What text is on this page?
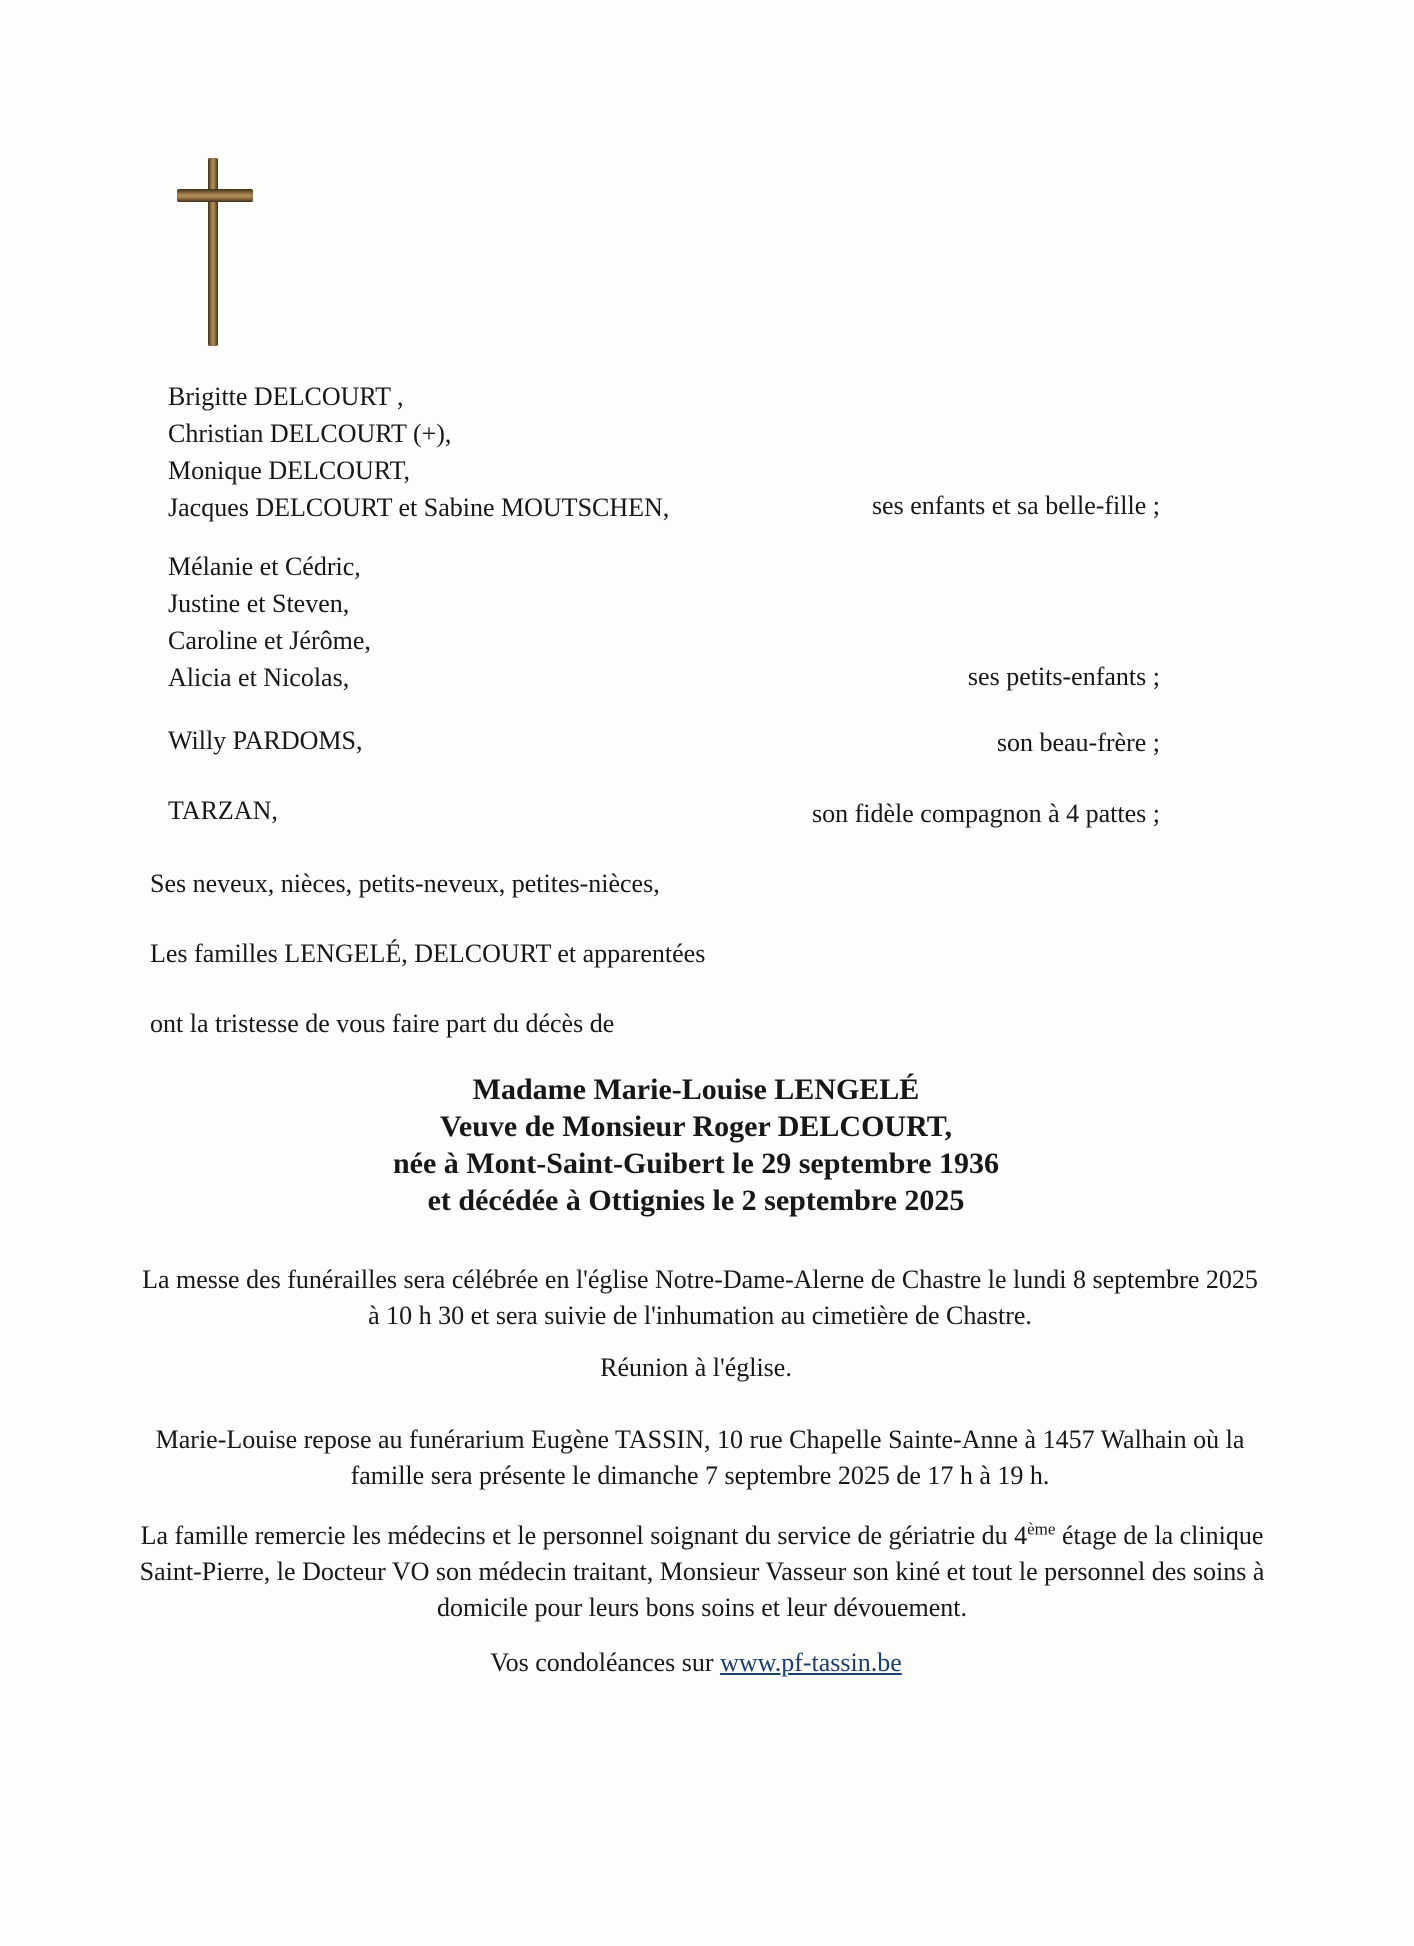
Brigitte DELCOURT ,
Christian DELCOURT (+),
Monique DELCOURT,
Jacques DELCOURT et Sabine MOUTSCHEN,	ses enfants et sa belle-fille ;
Mélanie et Cédric,
Justine et Steven,
Caroline et Jérôme,
Alicia et Nicolas,	ses petits-enfants ;
Willy PARDOMS,	son beau-frère ;
TARZAN,	son fidèle compagnon à 4 pattes ;
Ses neveux, nièces, petits-neveux, petites-nièces,
Les familles LENGELÉ, DELCOURT et apparentées
ont la tristesse de vous faire part du décès de
Madame Marie-Louise LENGELÉ
Veuve de Monsieur Roger DELCOURT,
née à Mont-Saint-Guibert le 29 septembre 1936
et décédée à Ottignies le 2 septembre 2025
La messe des funérailles sera célébrée en l'église Notre-Dame-Alerne de Chastre le lundi 8 septembre 2025 à 10 h 30 et sera suivie de l'inhumation au cimetière de Chastre.
Réunion à l'église.
Marie-Louise repose au funérarium Eugène TASSIN, 10 rue Chapelle Sainte-Anne à 1457 Walhain où la famille sera présente le dimanche 7 septembre 2025 de 17 h à 19 h.
La famille remercie les médecins et le personnel soignant du service de gériatrie du 4ème étage de la clinique Saint-Pierre, le Docteur VO son médecin traitant, Monsieur Vasseur son kiné et tout le personnel des soins à domicile pour leurs bons soins et leur dévouement.
Vos condoléances sur www.pf-tassin.be
